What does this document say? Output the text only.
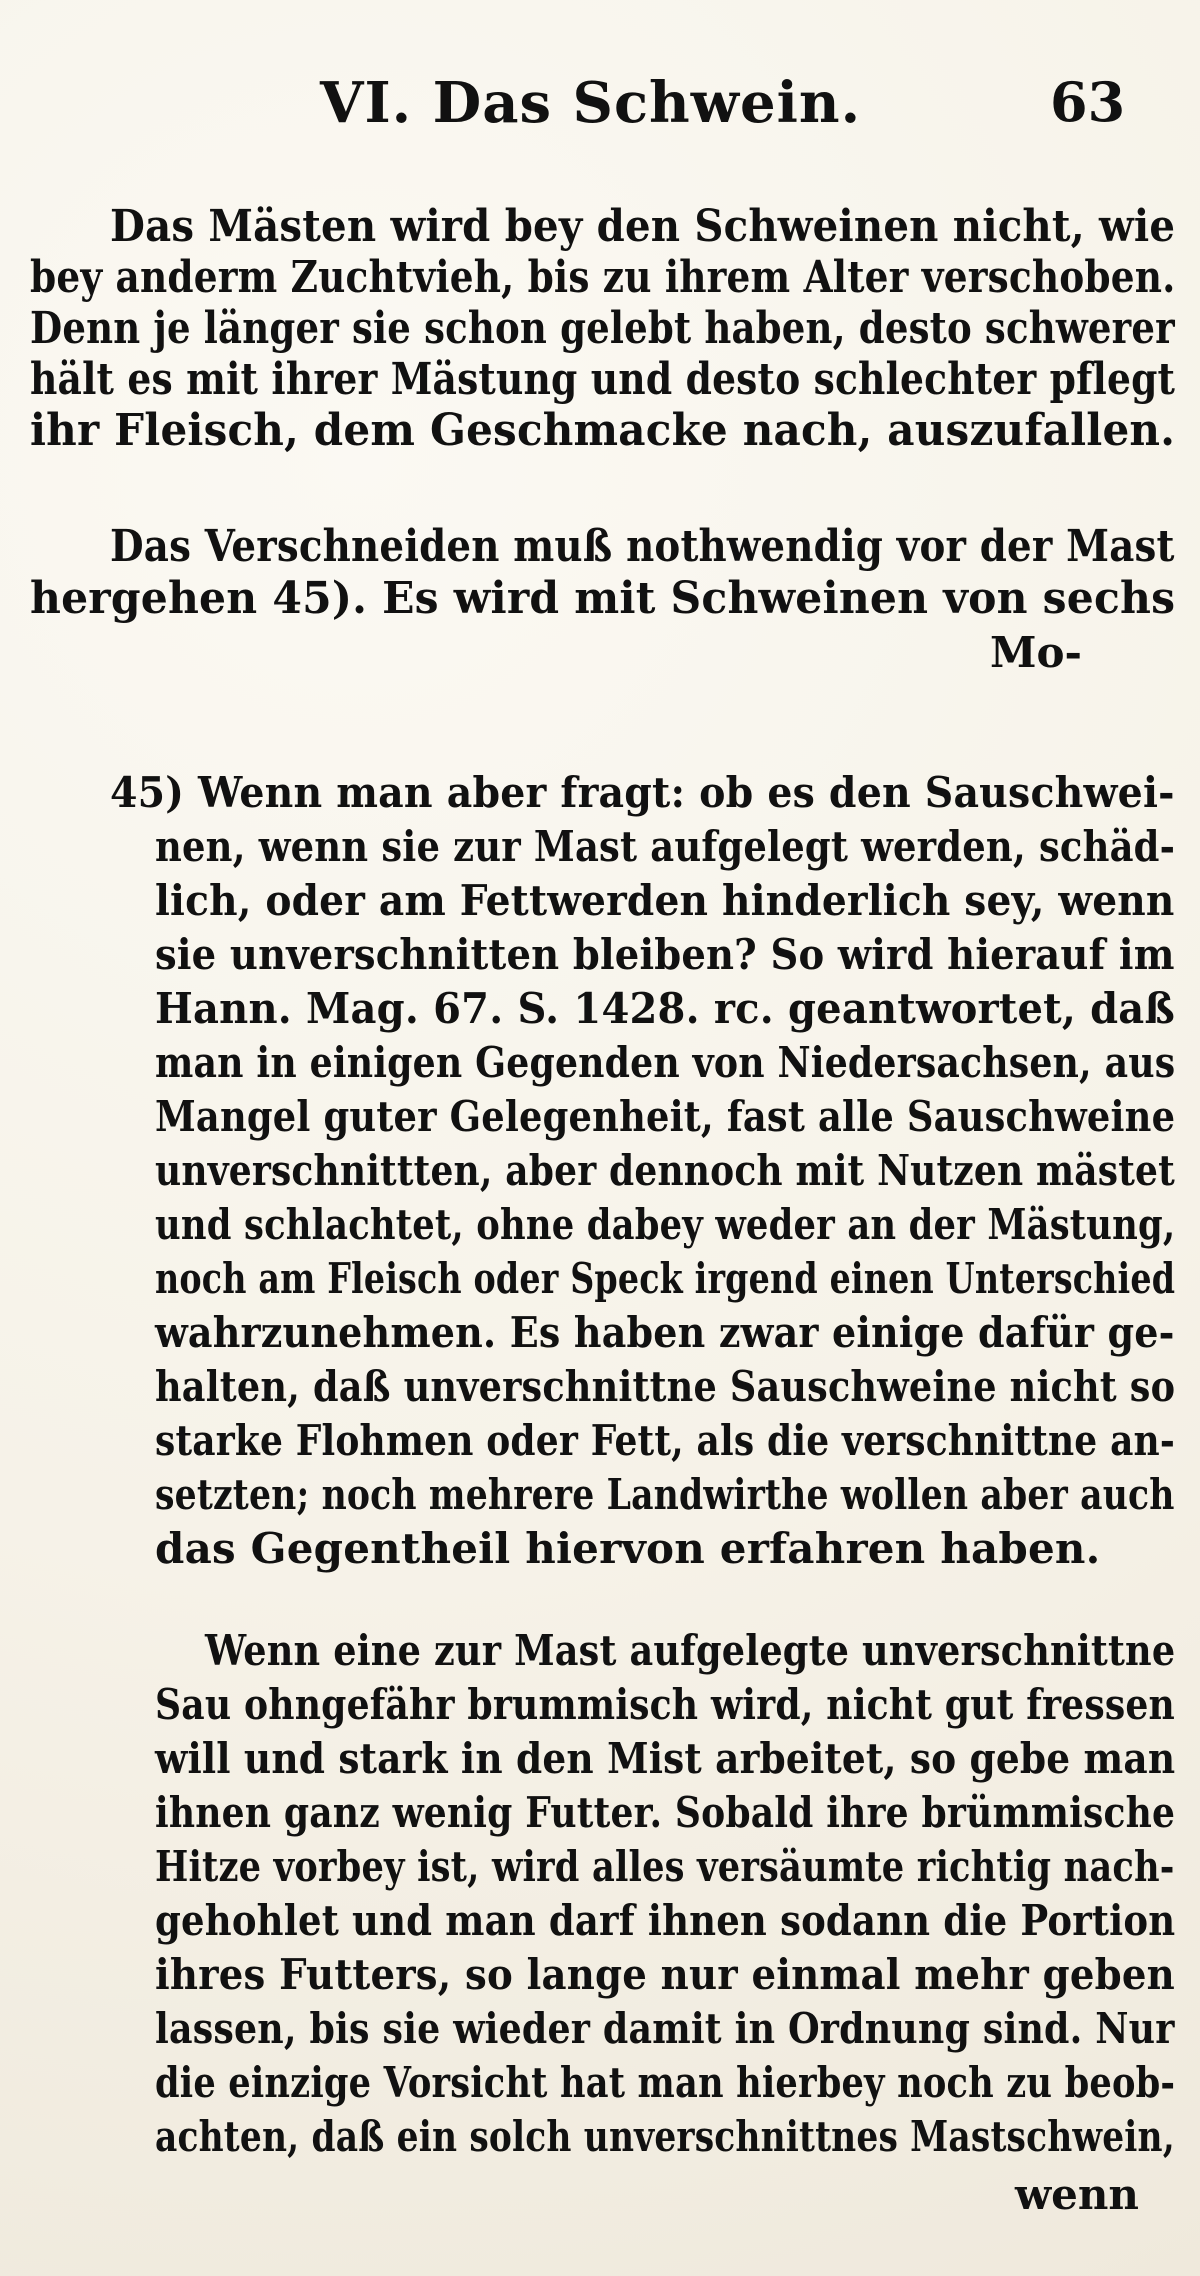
VI. Das Schwein.	63
Das Mästen wird bey den Schweinen nicht, wie
bey anderm Zuchtvieh, bis zu ihrem Alter verschoben.
Denn je länger sie schon gelebt haben, desto schwerer
hält es mit ihrer Mästung und desto schlechter pflegt
ihr Fleisch, dem Geschmacke nach, auszufallen.
Das Verschneiden muß nothwendig vor der Mast
hergehen 45). Es wird mit Schweinen von sechs
Mo-
45) Wenn man aber fragt: ob es den Sauschwei-
nen, wenn sie zur Mast aufgelegt werden, schäd-
lich, oder am Fettwerden hinderlich sey, wenn
sie unverschnitten bleiben? So wird hierauf im
Hann. Mag. 67. S. 1428. rc. geantwortet, daß
man in einigen Gegenden von Niedersachsen, aus
Mangel guter Gelegenheit, fast alle Sauschweine
unverschnittten, aber dennoch mit Nutzen mästet
und schlachtet, ohne dabey weder an der Mästung,
noch am Fleisch oder Speck irgend einen Unterschied
wahrzunehmen. Es haben zwar einige dafür ge-
halten, daß unverschnittne Sauschweine nicht so
starke Flohmen oder Fett, als die verschnittne an-
setzten; noch mehrere Landwirthe wollen aber auch
das Gegentheil hiervon erfahren haben.
Wenn eine zur Mast aufgelegte unverschnittne
Sau ohngefähr brummisch wird, nicht gut fressen
will und stark in den Mist arbeitet, so gebe man
ihnen ganz wenig Futter. Sobald ihre brümmische
Hitze vorbey ist, wird alles versäumte richtig nach-
gehohlet und man darf ihnen sodann die Portion
ihres Futters, so lange nur einmal mehr geben
lassen, bis sie wieder damit in Ordnung sind. Nur
die einzige Vorsicht hat man hierbey noch zu beob-
achten, daß ein solch unverschnittnes Mastschwein,
wenn
